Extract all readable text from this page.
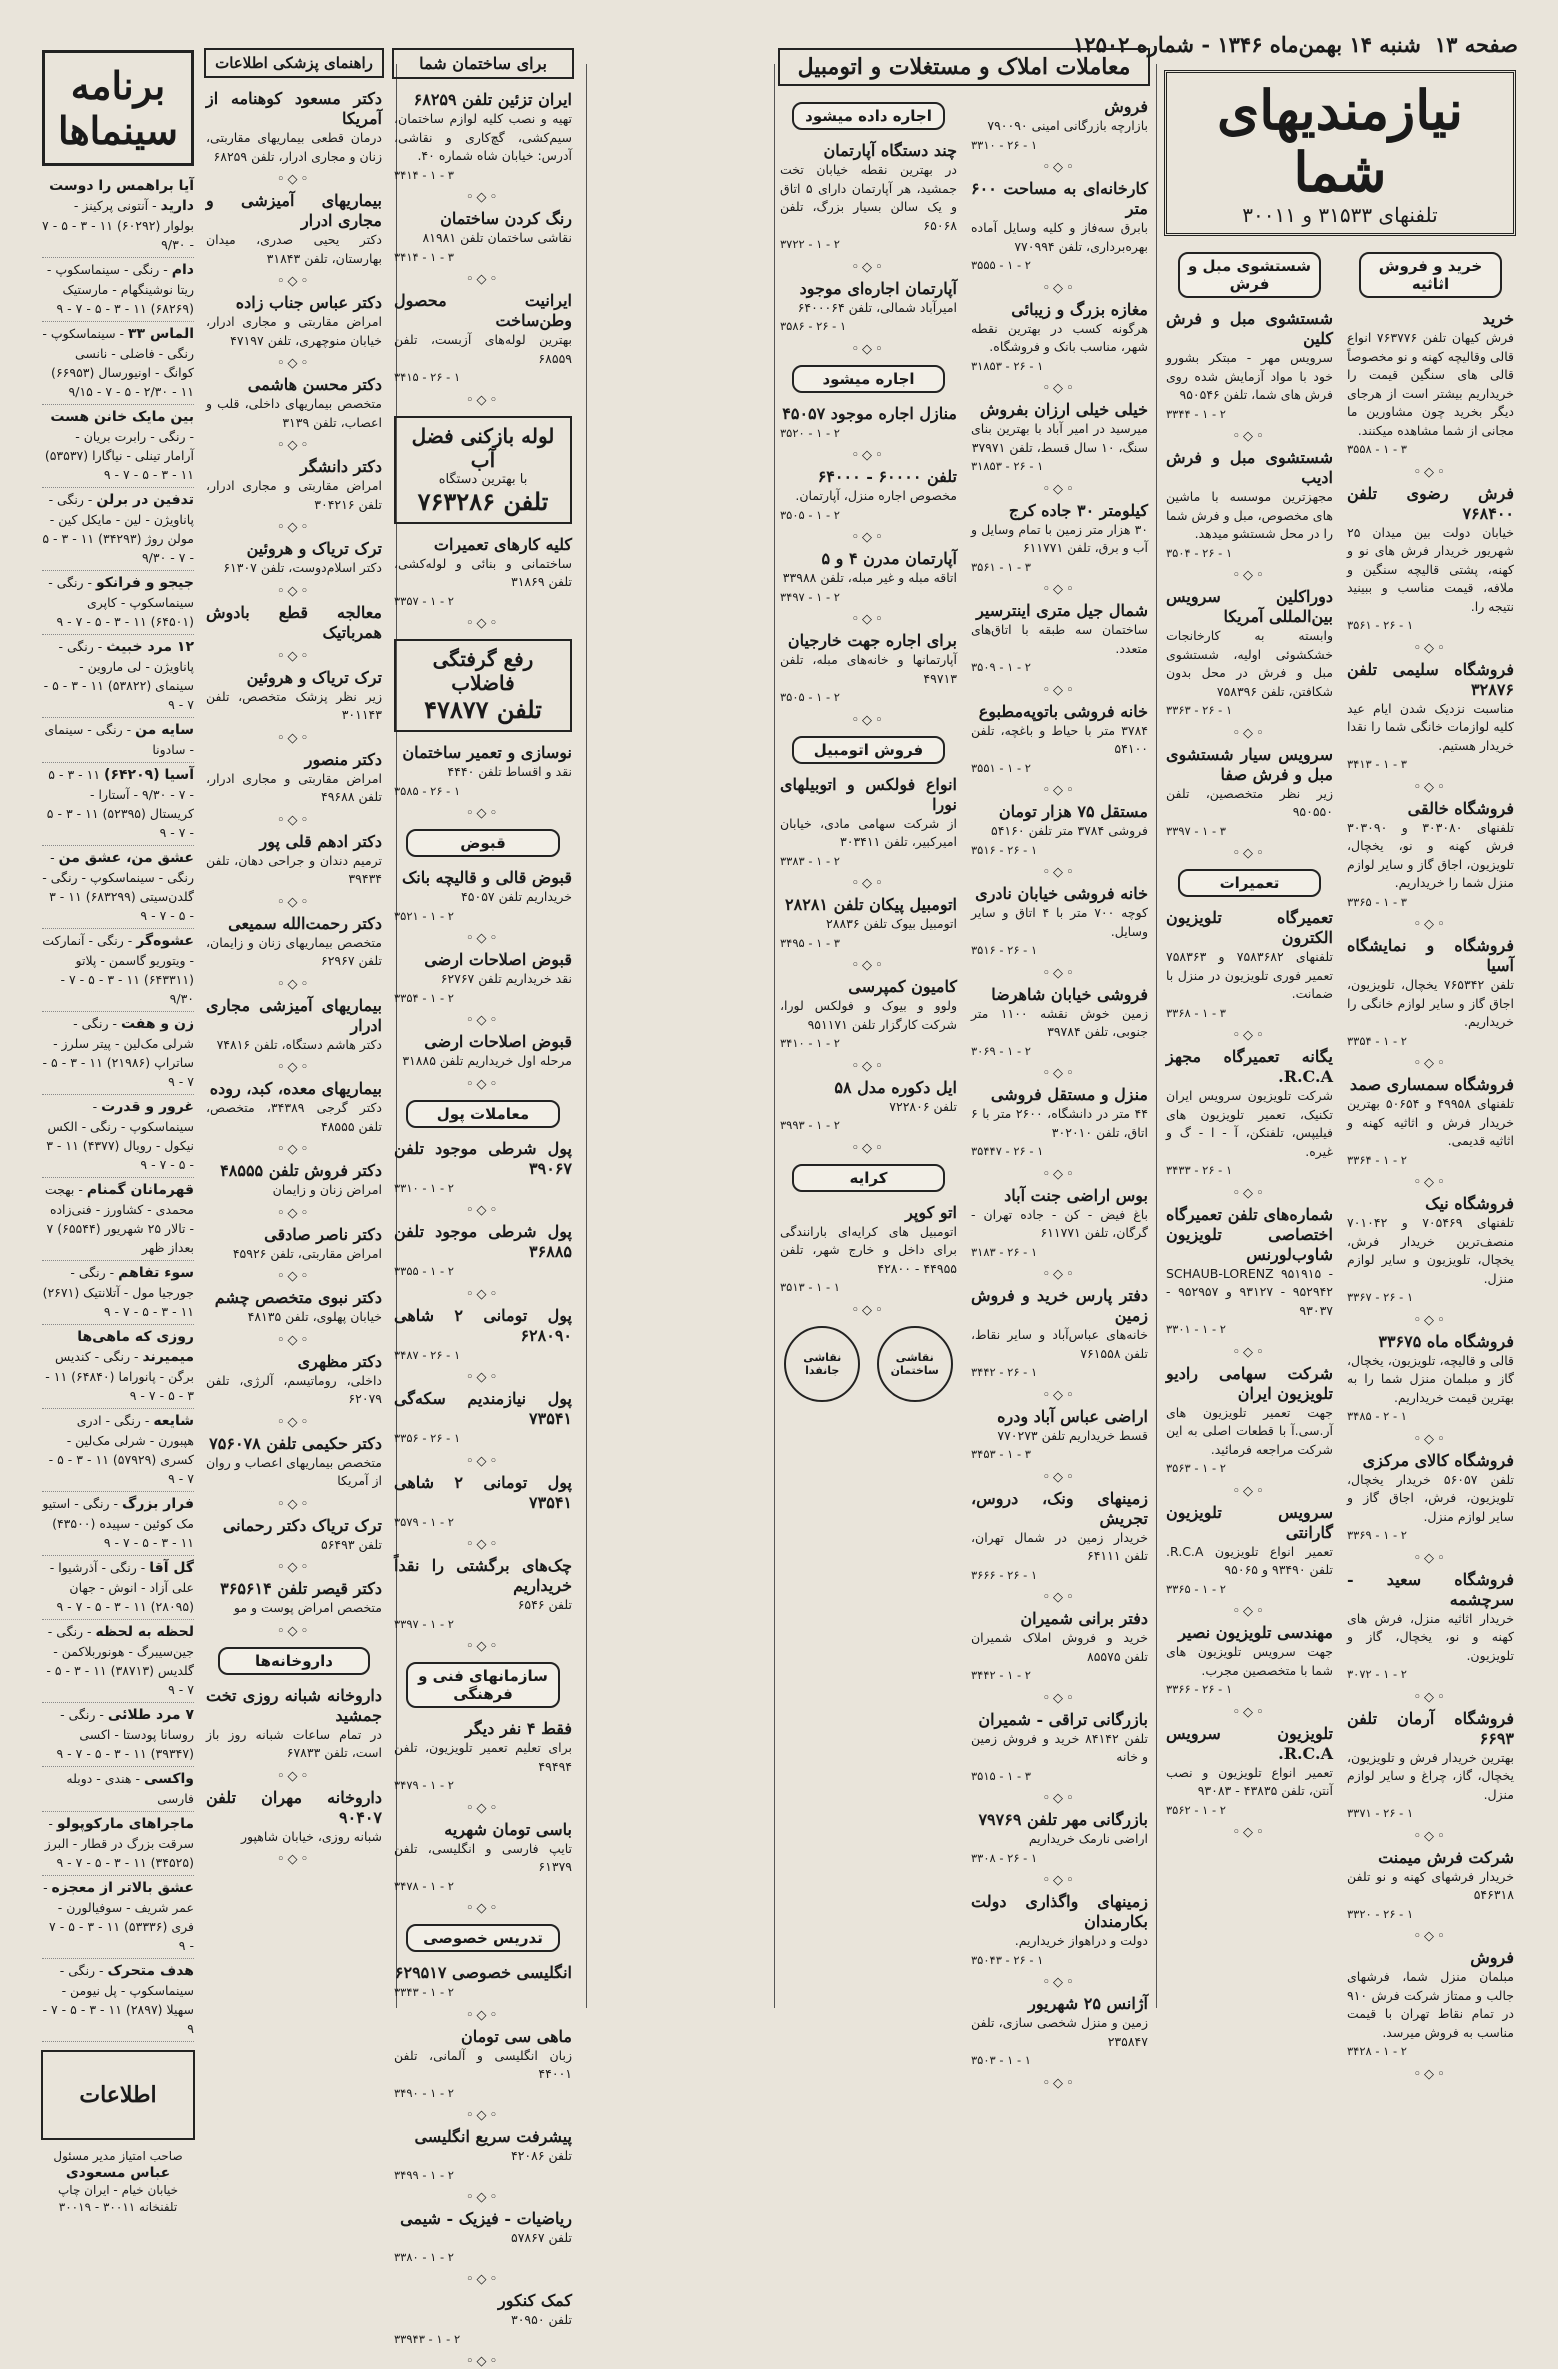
صفحه ۱۳
شنبه ۱۴ بهمن‌ماه ۱۳۴۶ - شماره ۱۲۵۰۲
نیازمندیهای شما
تلفنهای ۳۱۵۳۳ و ۳۰۰۱۱
خرید و فروش اثاثیه
خرید
فرش کیهان تلفن ۷۶۳۷۷۶ انواع قالی وقالیچه کهنه و نو مخصوصاً قالی های سنگین قیمت را خریداریم بیشتر است از هرجای دیگر بخرید چون مشاورین ما مجانی از شما مشاهده میکنند.
۳۵۵۸ - ۱ - ۳
◦◇◦
فرش رضوی تلفن ۷۶۸۴۰۰
خیابان دولت بین میدان ۲۵ شهریور خریدار فرش های نو و کهنه، پشتی قالیچه سنگین و ملافه، قیمت مناسب و ببینید نتیجه را.
۳۵۶۱ - ۲۶ - ۱
◦◇◦
فروشگاه سلیمی تلفن ۳۲۸۷۶
مناسبت نزدیک شدن ایام عید کلیه لوازمات خانگی شما را نقدا خریدار هستیم.
۳۴۱۳ - ۱ - ۳
◦◇◦
فروشگاه خالقی
تلفنهای ۳۰۳۰۸۰ و ۳۰۳۰۹۰ فرش کهنه و نو، یخچال، تلویزیون، اجاق گاز و سایر لوازم منزل شما را خریداریم.
۳۳۶۵ - ۱ - ۳
◦◇◦
فروشگاه و نمایشگاه آسیا
تلفن ۷۶۵۳۴۲ یخچال، تلویزیون، اجاق گاز و سایر لوازم خانگی را خریداریم.
۳۳۵۴ - ۱ - ۲
◦◇◦
فروشگاه سمساری صمد
تلفنهای ۴۹۹۵۸ و ۵۰۶۵۴ بهترین خریدار فرش و اثاثیه کهنه و اثاثیه قدیمی.
۳۳۶۴ - ۱ - ۲
◦◇◦
فروشگاه نیک
تلفنهای ۷۰۵۴۶۹ و ۷۰۱۰۴۲ منصف‌ترین خریدار فرش، یخچال، تلویزیون و سایر لوازم منزل.
۳۳۶۷ - ۲۶ - ۱
◦◇◦
فروشگاه ماه ۳۳۶۷۵
قالی و قالیچه، تلویزیون، یخچال، گاز و مبلمان منزل شما را به بهترین قیمت خریداریم.
۳۴۸۵ - ۲ - ۱
◦◇◦
فروشگاه کالای مرکزی
تلفن ۵۶۰۵۷ خریدار یخچال، تلویزیون، فرش، اجاق گاز و سایر لوازم منزل.
۳۳۶۹ - ۱ - ۲
◦◇◦
فروشگاه سعید - سرچشمه
خریدار اثاثیه منزل، فرش های کهنه و نو، یخچال، گاز و تلویزیون.
۳۰۷۲ - ۱ - ۲
◦◇◦
فروشگاه آرمان تلفن ۶۶۹۳
بهترین خریدار فرش و تلویزیون، یخچال، گاز، چراغ و سایر لوازم منزل.
۳۳۷۱ - ۲۶ - ۱
◦◇◦
شرکت فرش میمنت
خریدار فرشهای کهنه و نو تلفن ۵۴۶۳۱۸
۳۳۲۰ - ۲۶ - ۱
◦◇◦
فروش
مبلمان منزل شما، فرشهای جالب و ممتاز شرکت فرش ۹۱۰ در تمام نقاط تهران با قیمت مناسب به فروش میرسد.
۳۴۲۸ - ۱ - ۲
◦◇◦
شستشوی مبل و فرش
شستشوی مبل و فرش کلین
سرویس مهر - مبتکر بشورو خود با مواد آزمایش شده روی فرش های شما، تلفن ۹۵۰۵۴۶
۳۳۴۴ - ۱ - ۲
◦◇◦
شستشوی مبل و فرش ادیب
مجهزترین موسسه با ماشین های مخصوص، مبل و فرش شما را در محل شستشو میدهد.
۳۵۰۴ - ۲۶ - ۱
◦◇◦
دوراکلین سرویس بین‌المللی آمریکا
وابسته به کارخانجات خشکشوئی اولیه، شستشوی مبل و فرش در محل بدون شکافتن، تلفن ۷۵۸۳۹۶
۳۳۶۳ - ۲۶ - ۱
◦◇◦
سرویس سیار شستشوی مبل و فرش صفا
زیر نظر متخصصین، تلفن ۹۵۰۵۵۰
۳۳۹۷ - ۱ - ۳
◦◇◦
تعمیرات
تعمیرگاه تلویزیون الکترون
تلفنهای ۷۵۸۳۶۸۲ و ۷۵۸۳۶۳ تعمیر فوری تلویزیون در منزل با ضمانت.
۳۳۶۸ - ۱ - ۳
◦◇◦
یگانه تعمیرگاه مجهز R.C.A.
شرکت تلویزیون سرویس ایران تکنیک، تعمیر تلویزیون های فیلیپس، تلفنکن، آ - ا - گ و غیره.
۳۴۳۳ - ۲۶ - ۱
◦◇◦
شماره‌های تلفن تعمیرگاه اختصاصی تلویزیون شاوب‌لورنس
SCHAUB-LORENZ ۹۵۱۹۱۵ - ۹۳۱۲۷ - ۹۵۲۹۴۲ و ۹۵۲۹۵۷ - ۹۳۰۳۷
۳۳۰۱ - ۱ - ۲
◦◇◦
شرکت سهامی رادیو تلویزیون ایران
جهت تعمیر تلویزیون های آر.سی.آ با قطعات اصلی به این شرکت مراجعه فرمائید.
۳۵۶۳ - ۱ - ۲
◦◇◦
سرویس تلویزیون گارانتی
تعمیر انواع تلویزیون R.C.A. تلفن ۹۳۴۹۰ و ۹۵۰۶۵
۳۳۶۵ - ۱ - ۲
◦◇◦
مهندسی تلویزیون نصیر
جهت سرویس تلویزیون های شما با متخصصین مجرب.
۳۳۶۶ - ۲۶ - ۱
◦◇◦
تلویزیون سرویس R.C.A.
تعمیر انواع تلویزیون و نصب آنتن، تلفن ۴۳۸۳۵ - ۹۳۰۸۳
۳۵۶۲ - ۱ - ۲
◦◇◦
معاملات املاک و مستغلات و اتومبیل
فروش
بازارچه بازرگانی امینی ۷۹۰۰۹۰
۳۳۱۰ - ۲۶ - ۱
◦◇◦
کارخانه‌ای به مساحت ۶۰۰ متر
بابرق سه‌فاز و کلیه وسایل آماده بهره‌برداری، تلفن ۷۷۰۹۹۴
۳۵۵۵ - ۱ - ۲
◦◇◦
مغازه بزرگ و زیبائی
هرگونه کسب در بهترین نقطه شهر، مناسب بانک و فروشگاه.
۳۱۸۵۳ - ۲۶ - ۱
◦◇◦
خیلی خیلی ارزان بفروش
میرسید در امیر آباد با بهترین بنای سنگ، ۱۰ سال قسط، تلفن ۳۷۹۷۱
۳۱۸۵۳ - ۲۶ - ۱
◦◇◦
کیلومتر ۳۰ جاده کرج
۳۰ هزار متر زمین با تمام وسایل و آب و برق، تلفن ۶۱۱۷۷۱
۳۵۶۱ - ۱ - ۳
◦◇◦
شمال جیل متری اینترسیر
ساختمان سه طبقه با اتاق‌های متعدد.
۳۵۰۹ - ۱ - ۲
◦◇◦
خانه فروشی باتوپه‌مطبوع
۳۷۸۴ متر با حیاط و باغچه، تلفن ۵۴۱۰۰
۳۵۵۱ - ۱ - ۲
◦◇◦
مستقل ۷۵ هزار تومان
فروشی ۳۷۸۴ متر تلفن ۵۴۱۶۰
۳۵۱۶ - ۲۶ - ۱
◦◇◦
خانه فروشی خیابان نادری
کوچه ۷۰۰ متر با ۴ اتاق و سایر وسایل.
۳۵۱۶ - ۲۶ - ۱
◦◇◦
فروشی خیابان شاهرضا
زمین خوش نقشه ۱۱۰۰ متر جنوبی، تلفن ۳۹۷۸۴
۳۰۶۹ - ۱ - ۲
◦◇◦
منزل و مستقل فروشی
۴۴ متر در دانشگاه، ۲۶۰۰ متر با ۶ اتاق، تلفن ۳۰۲۰۱۰
۳۵۴۴۷ - ۲۶ - ۱
◦◇◦
بوس اراضی جنت آباد
باغ فیض - کن - جاده تهران - گرگان، تلفن ۶۱۱۷۷۱
۳۱۸۳ - ۲۶ - ۱
◦◇◦
دفتر پارس خرید و فروش زمین
خانه‌های عباس‌آباد و سایر نقاط، تلفن ۷۶۱۵۵۸
۳۴۴۲ - ۲۶ - ۱
◦◇◦
اراضی عباس آباد ودره
قسط خریداریم تلفن ۷۷۰۲۷۳
۳۴۵۳ - ۱ - ۳
◦◇◦
زمینهای ونک، دروس، تجریش
خریدار زمین در شمال تهران، تلفن ۶۴۱۱۱
۳۶۶۶ - ۲۶ - ۱
◦◇◦
دفتر برانی شمیران
خرید و فروش املاک شمیران تلفن ۸۵۵۷۵
۳۴۴۲ - ۱ - ۲
◦◇◦
بازرگانی تراقی - شمیران
تلفن ۸۴۱۴۲ خرید و فروش زمین و خانه
۳۵۱۵ - ۱ - ۳
◦◇◦
بازرگانی مهر تلفن ۷۹۷۶۹
اراضی نارمک خریداریم
۳۳۰۸ - ۲۶ - ۱
◦◇◦
زمینهای واگذاری دولت بکارمندان
دولت و دراهواز خریداریم.
۳۵۰۴۳ - ۲۶ - ۱
◦◇◦
آژانس ۲۵ شهریور
زمین و منزل شخصی سازی، تلفن ۲۳۵۸۴۷
۳۵۰۳ - ۱ - ۱
◦◇◦
اجاره داده میشود
چند دستگاه آپارتمان
در بهترین نقطه خیابان تخت جمشید، هر آپارتمان دارای ۵ اتاق و یک سالن بسیار بزرگ، تلفن ۶۵۰۶۸
۳۷۲۲ - ۱ - ۲
◦◇◦
آپارتمان اجاره‌ای موجود
امیرآباد شمالی، تلفن ۶۴۰۰۰۶۴
۳۵۸۶ - ۲۶ - ۱
◦◇◦
اجاره میشود
منازل اجاره موجود ۴۵۰۵۷
۳۵۲۰ - ۱ - ۲
◦◇◦
تلفن ۶۰۰۰۰ - ۶۴۰۰۰
مخصوص اجاره منزل، آپارتمان.
۳۵۰۵ - ۱ - ۲
◦◇◦
آپارتمان مدرن ۴ و ۵
اتاقه مبله و غیر مبله، تلفن ۳۳۹۸۸
۳۴۹۷ - ۱ - ۲
◦◇◦
برای اجاره جهت خارجیان
آپارتمانها و خانه‌های مبله، تلفن ۴۹۷۱۳
۳۵۰۵ - ۱ - ۲
◦◇◦
فروش اتومبیل
انواع فولکس و اتوبیلهای نورا
از شرکت سهامی مادی، خیابان امیرکبیر، تلفن ۳۰۳۴۱۱
۳۳۸۳ - ۱ - ۲
◦◇◦
اتومبیل پیکان تلفن ۲۸۲۸۱
اتومبیل بیوک تلفن ۲۸۸۳۶
۳۴۹۵ - ۱ - ۳
◦◇◦
کامیون کمپرسی
ولوو و بیوک و فولکس لورا، شرکت کارگزار تلفن ۹۵۱۱۷۱
۳۴۱۰ - ۱ - ۲
◦◇◦
ایل دکوره مدل ۵۸
تلفن ۷۲۲۸۰۶
۳۹۹۳ - ۱ - ۲
◦◇◦
کرایه
اتو کوپر
اتومبیل های کرایه‌ای بارانندگی برای داخل و خارج شهر، تلفن ۴۴۹۵۵ - ۴۲۸۰۰
۳۵۱۳ - ۱ - ۱
◦◇◦
نقاشی ساختمان
نقاشی جانفدا
برای ساختمان شما
ایران تزئین تلفن ۶۸۲۵۹
تهیه و نصب کلیه لوازم ساختمان، سیم‌کشی، گچ‌کاری و نقاشی، آدرس: خیابان شاه شماره ۴۰.
۳۴۱۴ - ۱ - ۳
◦◇◦
رنگ کردن ساختمان
نقاشی ساختمان تلفن ۸۱۹۸۱
۳۴۱۴ - ۱ - ۳
◦◇◦
ایرانیت محصول وطن‌ساخت
بهترین لوله‌های آزبست، تلفن ۶۸۵۵۹
۳۴۱۵ - ۲۶ - ۱
◦◇◦
لوله بازکنی فضل آب
با بهترین دستگاه
تلفن ۷۶۳۲۸۶
کلیه کارهای تعمیرات
ساختمانی و بنائی و لوله‌کشی، تلفن ۳۱۸۶۹
۳۳۵۷ - ۱ - ۲
◦◇◦
رفع گرفتگی فاضلاب
تلفن ۴۷۸۷۷
نوسازی و تعمیر ساختمان
نقد و اقساط تلفن ۴۴۴۰
۳۵۸۵ - ۲۶ - ۱
◦◇◦
قبوض
قبوض قالی و قالیچه بانک
خریداریم تلفن ۴۵۰۵۷
۳۵۲۱ - ۱ - ۲
◦◇◦
قبوض اصلاحات ارضی
نقد خریداریم تلفن ۶۲۷۶۷
۳۳۵۴ - ۱ - ۲
◦◇◦
قبوض اصلاحات ارضی
مرحله اول خریداریم تلفن ۳۱۸۸۵
◦◇◦
معاملات پول
پول شرطی موجود تلفن ۳۹۰۶۷
۳۳۱۰ - ۱ - ۲
◦◇◦
پول شرطی موجود تلفن ۳۶۸۸۵
۳۳۵۵ - ۱ - ۲
◦◇◦
پول تومانی ۲ شاهی ۶۲۸۰۹۰
۳۴۸۷ - ۲۶ - ۱
◦◇◦
پول نیازمندیم سکه‌گی ۷۳۵۴۱
۳۳۵۶ - ۲۶ - ۱
◦◇◦
پول تومانی ۲ شاهی ۷۳۵۴۱
۳۵۷۹ - ۱ - ۲
◦◇◦
چک‌های برگشتی را نقداً خریداریم
تلفن ۶۵۴۶
۳۳۹۷ - ۱ - ۲
◦◇◦
سازمانهای فنی و فرهنگی
فقط ۴ نفر دیگر
برای تعلیم تعمیر تلویزیون، تلفن ۴۹۴۹۴
۳۴۷۹ - ۱ - ۲
◦◇◦
باسی تومان شهریه
تایپ فارسی و انگلیسی، تلفن ۶۱۳۷۹
۳۴۷۸ - ۱ - ۲
◦◇◦
تدریس خصوصی
انگلیسی خصوصی ۶۲۹۵۱۷
۳۳۴۳ - ۱ - ۲
◦◇◦
ماهی سی تومان
زبان انگلیسی و آلمانی، تلفن ۴۴۰۰۱
۳۴۹۰ - ۱ - ۲
◦◇◦
پیشرفت سریع انگلیسی
تلفن ۴۲۰۸۶
۳۴۹۹ - ۱ - ۲
◦◇◦
ریاضیات - فیزیک - شیمی
تلفن ۵۷۸۶۷
۳۳۸۰ - ۱ - ۲
◦◇◦
کمک کنکور
تلفن ۳۰۹۵۰
۳۳۹۴۳ - ۱ - ۲
◦◇◦
راهنمای پزشکی اطلاعات
دکتر مسعود کوهنامه از آمریکا
درمان قطعی بیماریهای مقاربتی، زنان و مجاری ادرار، تلفن ۶۸۲۵۹
◦◇◦
بیماریهای آمیزشی و مجاری ادرار
دکتر یحیی صدری، میدان بهارستان، تلفن ۳۱۸۴۳
◦◇◦
دکتر عباس جناب زاده
امراض مقاربتی و مجاری ادرار، خیابان منوچهری، تلفن ۴۷۱۹۷
◦◇◦
دکتر محسن هاشمی
متخصص بیماریهای داخلی، قلب و اعصاب، تلفن ۳۱۳۹
◦◇◦
دکتر دانشگر
امراض مقاربتی و مجاری ادرار، تلفن ۳۰۴۲۱۶
◦◇◦
ترک تریاک و هروئین
دکتر اسلام‌دوست، تلفن ۶۱۳۰۷
◦◇◦
معالجه قطع بادوش همرباتیک
◦◇◦
ترک تریاک و هروئین
زیر نظر پزشک متخصص، تلفن ۳۰۱۱۴۳
◦◇◦
دکتر منصور
امراض مقاربتی و مجاری ادرار، تلفن ۴۹۶۸۸
◦◇◦
دکتر ادهم قلی پور
ترمیم دندان و جراحی دهان، تلفن ۳۹۴۳۴
◦◇◦
دکتر رحمت‌الله سمیعی
متخصص بیماریهای زنان و زایمان، تلفن ۶۲۹۶۷
◦◇◦
بیماریهای آمیزشی مجاری ادرار
دکتر هاشم دستگاه، تلفن ۷۴۸۱۶
◦◇◦
بیماریهای معده، کبد، روده
دکتر گرجی ۳۴۳۸۹، متخصص، تلفن ۴۸۵۵۵
◦◇◦
دکتر فروش تلفن ۴۸۵۵۵
امراض زنان و زایمان
◦◇◦
دکتر ناصر صادقی
امراض مقاربتی، تلفن ۴۵۹۲۶
◦◇◦
دکتر نبوی متخصص چشم
خیابان پهلوی، تلفن ۴۸۱۳۵
◦◇◦
دکتر مظهری
داخلی، روماتیسم، آلرژی، تلفن ۶۲۰۷۹
◦◇◦
دکتر حکیمی تلفن ۷۵۶۰۷۸
متخصص بیماریهای اعصاب و روان از آمریکا
◦◇◦
ترک تریاک دکتر رحمانی
تلفن ۵۶۴۹۳
◦◇◦
دکتر قیصر تلفن ۳۶۵۶۱۴
متخصص امراض پوست و مو
◦◇◦
داروخانه‌ها
داروخانه شبانه روزی تخت جمشید
در تمام ساعات شبانه روز باز است، تلفن ۶۷۸۳۳
◦◇◦
داروخانه مهران تلفن ۹۰۴۰۷
شبانه روزی، خیابان شاهپور
◦◇◦
برنامه سینماها
آیا براهمس را دوست دارید - آنتونی پرکینز - بولوار (۶۰۲۹۲) ۱۱ - ۳ - ۵ - ۷ - ۹/۳۰
دام - رنگی - سینماسکوپ - ریتا نوشینگهام - مارستیک (۶۸۲۶۹) ۱۱ - ۳ - ۵ - ۷ - ۹
الماس ۳۳ - سینماسکوپ - رنگی - فاضلی - نانسی کوانگ - اونیورسال (۶۶۹۵۳) ۱۱ - ۲/۳۰ - ۵ - ۷ - ۹/۱۵
بین مایک خانن هست - رنگی - رابرت بریان - آرامار تینلی - نیاگارا (۵۳۵۳۷) ۱۱ - ۳ - ۵ - ۷ - ۹
تدفین در برلن - رنگی - پاناویژن - لین - مایکل کین - مولن روژ (۳۴۲۹۳) ۱۱ - ۳ - ۵ - ۷ - ۹/۳۰
جیجو و فرانکو - رنگی - سینماسکوپ - کاپری (۶۴۵۰۱) ۱۱ - ۳ - ۵ - ۷ - ۹
۱۲ مرد خبیث - رنگی - پاناویژن - لی ماروین - سینمای (۵۳۸۲۲) ۱۱ - ۳ - ۵ - ۷ - ۹
سایه من - رنگی - سینمای - سادونا
آسیا (۶۴۲۰۹) ۱۱ - ۳ - ۵ - ۷ - ۹/۳۰ - آستارا - کریستال (۵۲۳۹۵) ۱۱ - ۳ - ۵ - ۷ - ۹
عشق من، عشق من - رنگی - سینماسکوپ - رنگی - گلدن‌سیتی (۶۸۳۲۹۹) ۱۱ - ۳ - ۵ - ۷ - ۹
عشوه‌گر - رنگی - آنمارکت - ویتوریو گاسمن - پلاتو (۶۴۳۳۱۱) ۱۱ - ۳ - ۵ - ۷ - ۹/۳۰
زن و هفت - رنگی - شرلی مک‌لین - پیتر سلرز - ساتراپ (۲۱۹۸۶) ۱۱ - ۳ - ۵ - ۷ - ۹
غرور و قدرت - سینماسکوپ - رنگی - الکس نیکول - رویال (۴۳۷۷) ۱۱ - ۳ - ۵ - ۷ - ۹
قهرمانان گمنام - بهجت محمدی - کشاورز - فنی‌زاده - تالار ۲۵ شهریور (۶۵۵۴۴) ۷ بعداز ظهر
سوء تفاهم - رنگی - جورجیا مول - آتلانتیک (۲۶۷۱) ۱۱ - ۳ - ۵ - ۷ - ۹
روزی که ماهی‌ها میمیرند - رنگی - کندیس برگن - پانوراما (۶۴۸۴۰) ۱۱ - ۳ - ۵ - ۷ - ۹
شایعه - رنگی - ادری هپبورن - شرلی مک‌لین - کسری (۵۷۹۲۹) ۱۱ - ۳ - ۵ - ۷ - ۹
فرار بزرگ - رنگی - استیو مک کوئین - سپیده (۴۳۵۰۰) ۱۱ - ۳ - ۵ - ۷ - ۹
گل آقا - رنگی - آذرشیوا - علی آزاد - انوش - جهان (۲۸۰۹۵) ۱۱ - ۳ - ۵ - ۷ - ۹
لحظه به لحظه - رنگی - جین‌سیبرگ - هونوربلاکمن - گلدیس (۳۸۷۱۳) ۱۱ - ۳ - ۵ - ۷ - ۹
۷ مرد طلائی - رنگی - روسانا پودستا - اکسی (۳۹۳۴۷) ۱۱ - ۳ - ۵ - ۷ - ۹
واکسی - هندی - دوبله فارسی
ماجراهای مارکوپولو - سرقت بزرگ در قطار - البرز (۳۴۵۲۵) ۱۱ - ۳ - ۵ - ۷ - ۹
عشق بالاتر از معجزه - عمر شریف - سوفیالورن - فری (۵۳۳۳۶) ۱۱ - ۳ - ۵ - ۷ - ۹
هدف متحرک - رنگی - سینماسکوپ - پل نیومن - سهیلا (۲۸۹۷) ۱۱ - ۳ - ۵ - ۷ - ۹
اطلاعات
صاحب امتیاز مدیر مسئول
عباس مسعودی
خیابان خیام - ایران چاپ
تلفنخانه ۳۰۰۱۱ - ۳۰۰۱۹
